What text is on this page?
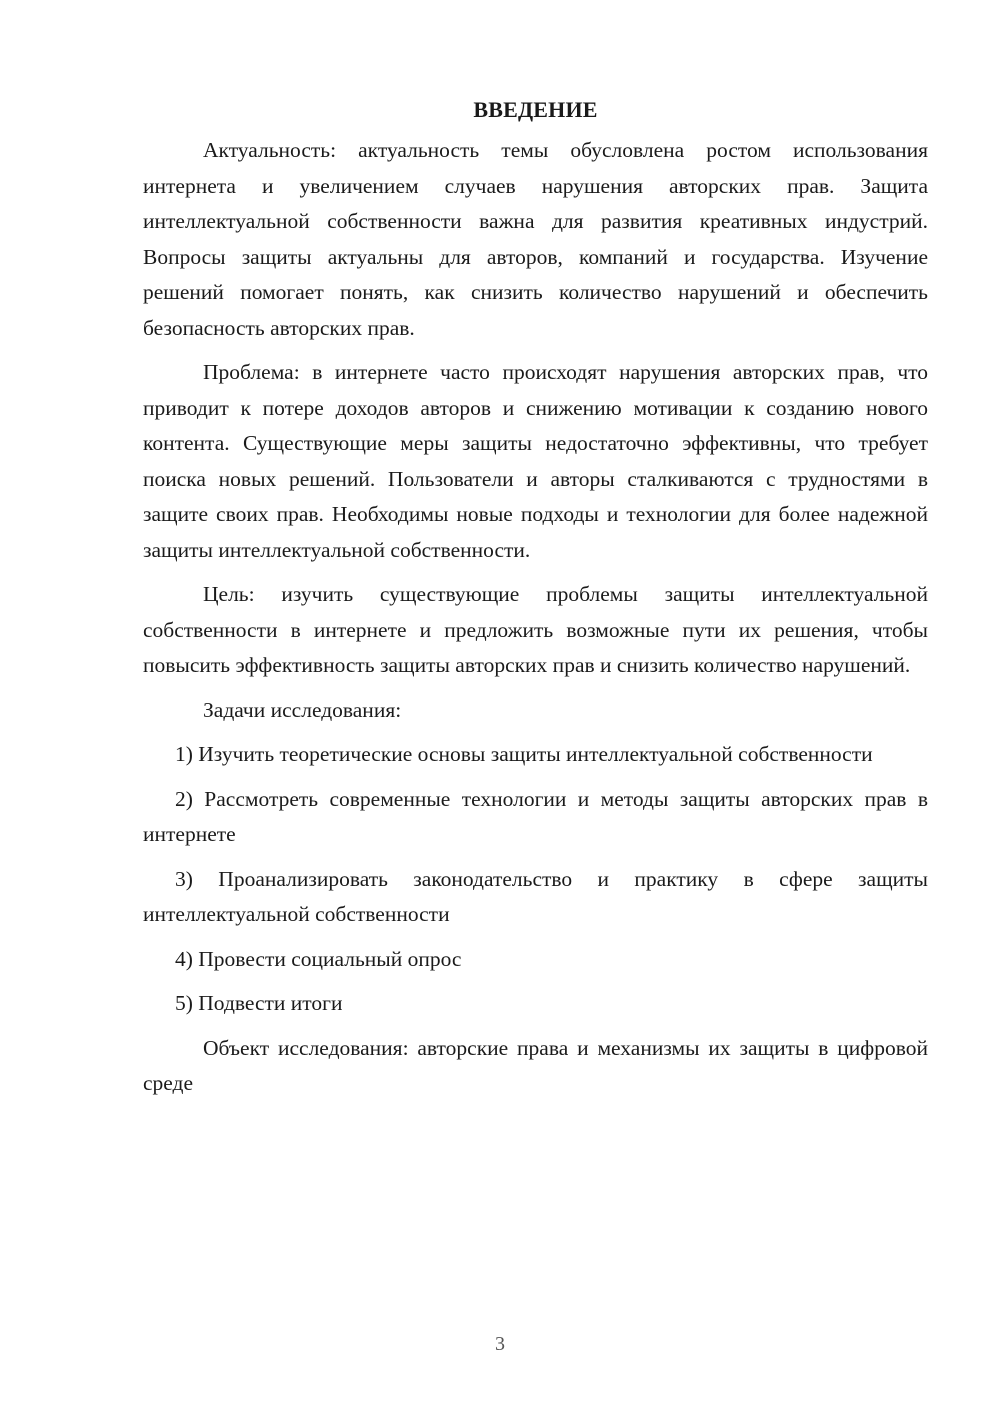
ВВЕДЕНИЕ

Актуальность: актуальность темы обусловлена ростом использования интернета и увеличением случаев нарушения авторских прав. Защита интеллектуальной собственности важна для развития креативных индустрий. Вопросы защиты актуальны для авторов, компаний и государства. Изучение решений помогает понять, как снизить количество нарушений и обеспечить безопасность авторских прав.

Проблема: в интернете часто происходят нарушения авторских прав, что приводит к потере доходов авторов и снижению мотивации к созданию нового контента. Существующие меры защиты недостаточно эффективны, что требует поиска новых решений. Пользователи и авторы сталкиваются с трудностями в защите своих прав. Необходимы новые подходы и технологии для более надежной защиты интеллектуальной собственности.

Цель: изучить существующие проблемы защиты интеллектуальной собственности в интернете и предложить возможные пути их решения, чтобы повысить эффективность защиты авторских прав и снизить количество нарушений.

Задачи исследования:

1) Изучить теоретические основы защиты интеллектуальной собственности

2) Рассмотреть современные технологии и методы защиты авторских прав в интернете

3) Проанализировать законодательство и практику в сфере защиты интеллектуальной собственности

4) Провести социальный опрос

5) Подвести итоги

Объект исследования: авторские права и механизмы их защиты в цифровой среде

3
